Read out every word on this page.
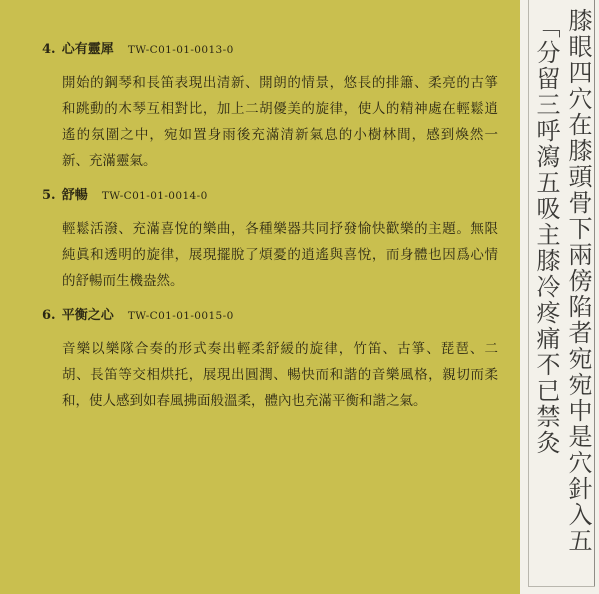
4. 心有靈犀 TW-C01-01-0013-0
開始的鋼琴和長笛表現出清新、開朗的情景，悠長的排簫、柔亮的古箏
和跳動的木琴互相對比，加上二胡優美的旋律，使人的精神處在輕鬆逍
遙的氛圍之中，宛如置身雨後充滿清新氣息的小樹林間，感到煥然一
新、充滿靈氣。
5. 舒暢 TW-C01-01-0014-0
輕鬆活潑、充滿喜悅的樂曲，各種樂器共同抒發愉快歡樂的主題。無限
純眞和透明的旋律，展現擺脫了煩憂的逍遙與喜悅，而身體也因爲心情
的舒暢而生機盎然。
6. 平衡之心 TW-C01-01-0015-0
音樂以樂隊合奏的形式奏出輕柔舒緩的旋律，竹笛、古箏、琵琶、二
胡、長笛等交相烘托，展現出圓潤、暢快而和諧的音樂風格，親切而柔
和，使人感到如春風拂面般溫柔，體內也充滿平衡和諧之氣。	膝眼四穴在膝頭骨下兩傍陷者宛宛中是穴針入五
「分留三呼瀉五吸主膝冷疼痛不已禁灸
